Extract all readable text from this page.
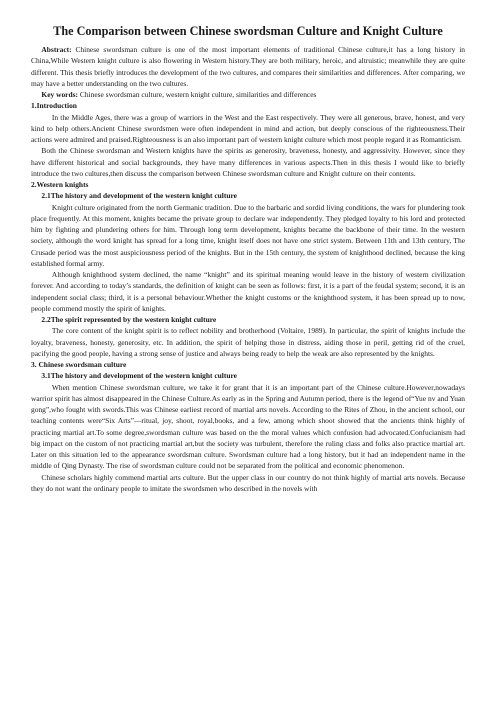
The Comparison between Chinese swordsman Culture and Knight Culture

Abstract: Chinese swordsman culture is one of the most important elements of traditional Chinese culture,it has a long history in China,While Western knight culture is also flowering in Western history.They are both military, heroic, and altruistic; meanwhile they are quite different. This thesis briefly introduces the development of the two cultures, and compares their similarities and differences. After comparing, we may have a better understanding on the two cultures.

Key words: Chinese swordsman culture, western knight culture, similarities and differences

1.Introduction

In the Middle Ages, there was a group of warriors in the West and the East respectively. They were all generous, brave, honest, and very kind to help others.Ancient Chinese swordsmen were often independent in mind and action, but deeply conscious of the righteousness.Their actions were admired and praised.Righteousness is an also important part of western knight culture which most people regard it as Romanticism.

Both the Chinese swordsman and Western knights have the spirits as generosity, braveness, honesty, and aggressivity. However, since they have different historical and social backgrounds, they have many differences in various aspects.Then in this thesis I would like to briefly introduce the two cultures,then discuss the comparison between Chinese swordsman culture and Knight culture on their contents.

2.Western knights

2.1The history and development of the western knight culture

Knight culture originated from the north Germanic tradition. Due to the barbaric and sordid living conditions, the wars for plundering took place frequently. At this moment, knights became the private group to declare war independently. They pledged loyalty to his lord and protected him by fighting and plundering others for him. Through long term development, knights became the backbone of their time. In the western society, although the word knight has spread for a long time, knight itself does not have one strict system. Between 11th and 13th century, The Crusade period was the most auspiciousness period of the knights. But in the 15th century, the system of knighthood declined, because the king established formal army.

Although knighthood system declined, the name “knight” and its spiritual meaning would leave in the history of western civilization forever. And according to today’s standards, the definition of knight can be seen as follows: first, it is a part of the feudal system; second, it is an independent social class; third, it is a personal behaviour.Whether the knight customs or the knighthood system, it has been spread up to now, people commend mostly the spirit of knights.

2.2The spirit represented by the western knight culture

The core content of the knight spirit is to reflect nobility and brotherhood (Voltaire, 1989). In particular, the spirit of knights include the loyalty, braveness, honesty, generosity, etc. In addition, the spirit of helping those in distress, aiding those in peril, getting rid of the cruel, pacifying the good people, having a strong sense of justice and always being ready to help the weak are also represented by the knights.

3. Chinese swordsman culture

3.1The history and development of the western knight culture

When mention Chinese swordsman culture, we take it for grant that it is an important part of the Chinese culture.However,nowadays warrior spirit has almost disappeared in the Chinese Culture.As early as in the Spring and Autumn period, there is the legend of“Yue nv and Yuan gong”,who fought with swords.This was Chinese earliest record of martial arts novels. According to the Rites of Zhou, in the ancient school, our teaching contents were“Six Arts”—ritual, joy, shoot, royal,books, and a few, among which shoot showed that the ancients think highly of practicing martial art.To some degree,swordsman culture was based on the the moral values which confusion had advocated.Confucianism had big impact on the custom of not practicing martial art,but the society was turbulent, therefore the ruling class and folks also practice martial art. Later on this situation led to the appearance swordsman culture. Swordsman culture had a long history, but it had an independent name in the middle of Qing Dynasty. The rise of swordsman culture could not be separated from the political and economic phenomenon.

Chinese scholars highly commend martial arts culture. But the upper class in our country do not think highly of martial arts novels. Because they do not want the ordinary people to imitate the swordsmen who described in the novels with
